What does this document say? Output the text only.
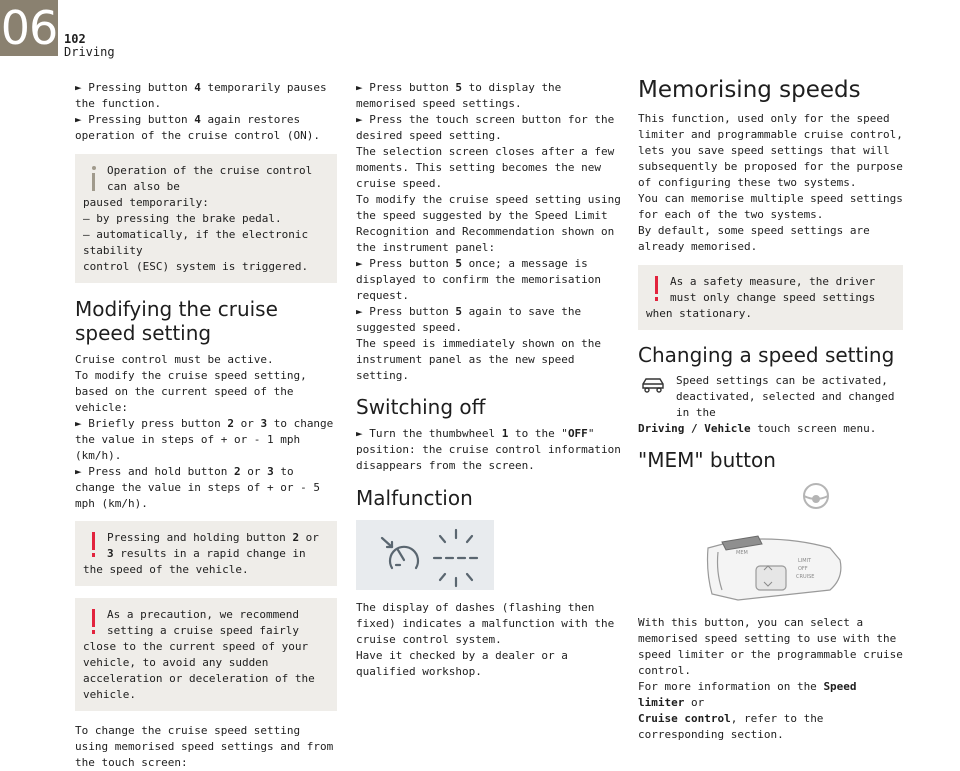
06 102
Driving

► Pressing button 4 temporarily pauses the function.

► Pressing button 4 again restores operation of the cruise control (ON).

Operation of the cruise control can also be
paused temporarily:
– by pressing the brake pedal.
– automatically, if the electronic stability
control (ESC) system is triggered.
Modifying the cruise speed setting

Cruise control must be active.

To modify the cruise speed setting, based on the current speed of the vehicle:

► Briefly press button 2 or 3 to change the value in steps of + or - 1 mph (km/h).

► Press and hold button 2 or 3 to change the value in steps of + or - 5 mph (km/h).

Pressing and holding button 2 or 3 results in a rapid change in the speed of the vehicle.
As a precaution, we recommend setting a cruise speed fairly close to the current speed of your vehicle, to avoid any sudden acceleration or deceleration of the vehicle.

To change the cruise speed setting using memorised speed settings and from the touch screen:

► Press button 5 to display the memorised speed settings.

► Press the touch screen button for the desired speed setting.

The selection screen closes after a few moments. This setting becomes the new cruise speed.

To modify the cruise speed setting using the speed suggested by the Speed Limit Recognition and Recommendation shown on the instrument panel:

► Press button 5 once; a message is displayed to confirm the memorisation request.

► Press button 5 again to save the suggested speed.

The speed is immediately shown on the instrument panel as the new speed setting.

Switching off

► Turn the thumbwheel 1 to the "OFF" position: the cruise control information disappears from the screen.

Malfunction

The display of dashes (flashing then fixed) indicates a malfunction with the cruise control system.

Have it checked by a dealer or a qualified workshop.

Memorising speeds

This function, used only for the speed limiter and programmable cruise control, lets you save speed settings that will subsequently be proposed for the purpose of configuring these two systems.

You can memorise multiple speed settings for each of the two systems.

By default, some speed settings are already memorised.

As a safety measure, the driver must only change speed settings when stationary.
Changing a speed setting

Speed settings can be activated, deactivated, selected and changed in the

Driving / Vehicle touch screen menu.

"MEM" button
MEM
LIMIT
OFF
CRUISE

With this button, you can select a memorised speed setting to use with the speed limiter or the programmable cruise control.

For more information on the Speed limiter or
Cruise control, refer to the corresponding section.
